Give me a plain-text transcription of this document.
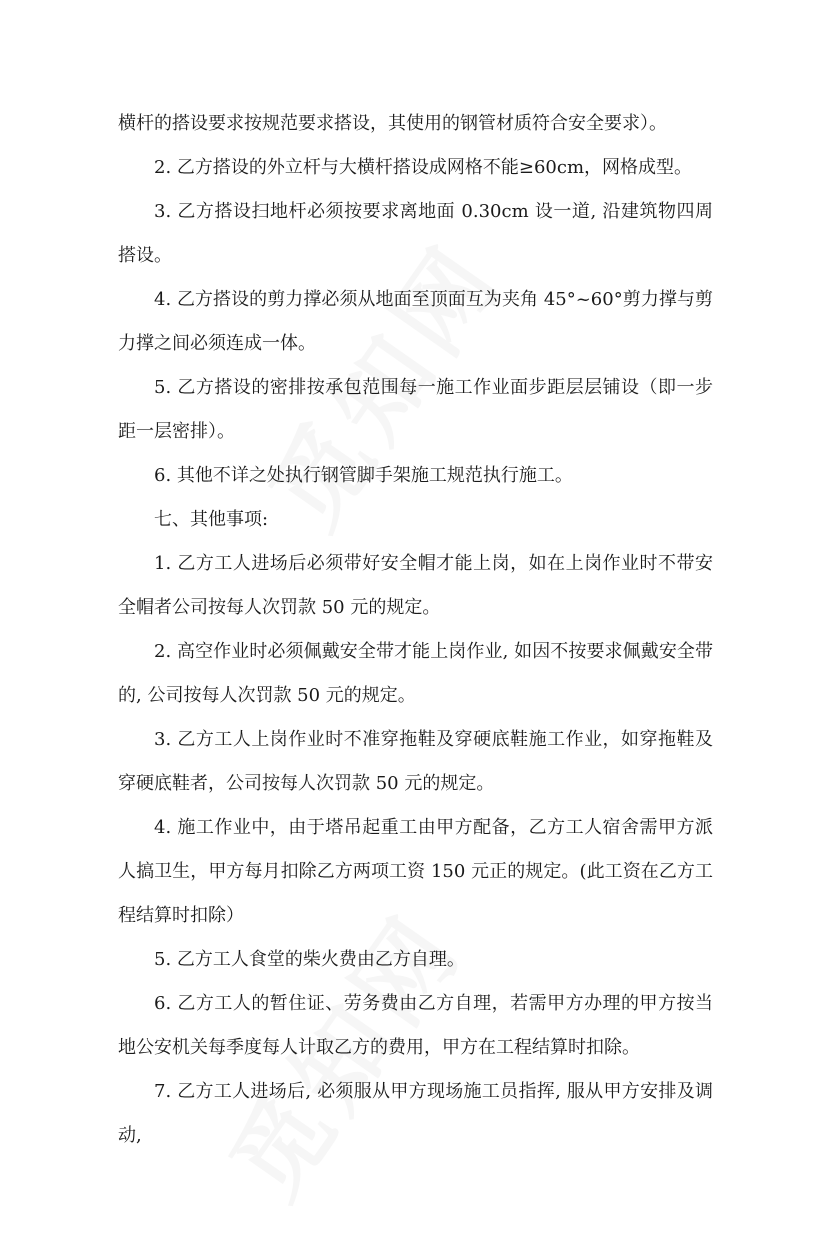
横杆的搭设要求按规范要求搭设，其使用的钢管材质符合安全要求）。

2. 乙方搭设的外立杆与大横杆搭设成网格不能≥60cm，网格成型。

3. 乙方搭设扫地杆必须按要求离地面 0.30cm 设一道, 沿建筑物四周搭设。

4. 乙方搭设的剪力撑必须从地面至顶面互为夹角 45°~60°剪力撑与剪力撑之间必须连成一体。

5. 乙方搭设的密排按承包范围每一施工作业面步距层层铺设（即一步距一层密排）。

6. 其他不详之处执行钢管脚手架施工规范执行施工。

七、其他事项:

1. 乙方工人进场后必须带好安全帽才能上岗，如在上岗作业时不带安全帽者公司按每人次罚款 50 元的规定。

2. 高空作业时必须佩戴安全带才能上岗作业, 如因不按要求佩戴安全带的, 公司按每人次罚款 50 元的规定。

3. 乙方工人上岗作业时不准穿拖鞋及穿硬底鞋施工作业，如穿拖鞋及穿硬底鞋者，公司按每人次罚款 50 元的规定。

4. 施工作业中，由于塔吊起重工由甲方配备，乙方工人宿舍需甲方派人搞卫生，甲方每月扣除乙方两项工资 150 元正的规定。(此工资在乙方工程结算时扣除）

5. 乙方工人食堂的柴火费由乙方自理。

6. 乙方工人的暂住证、劳务费由乙方自理，若需甲方办理的甲方按当地公安机关每季度每人计取乙方的费用，甲方在工程结算时扣除。

7. 乙方工人进场后, 必须服从甲方现场施工员指挥, 服从甲方安排及调动,
